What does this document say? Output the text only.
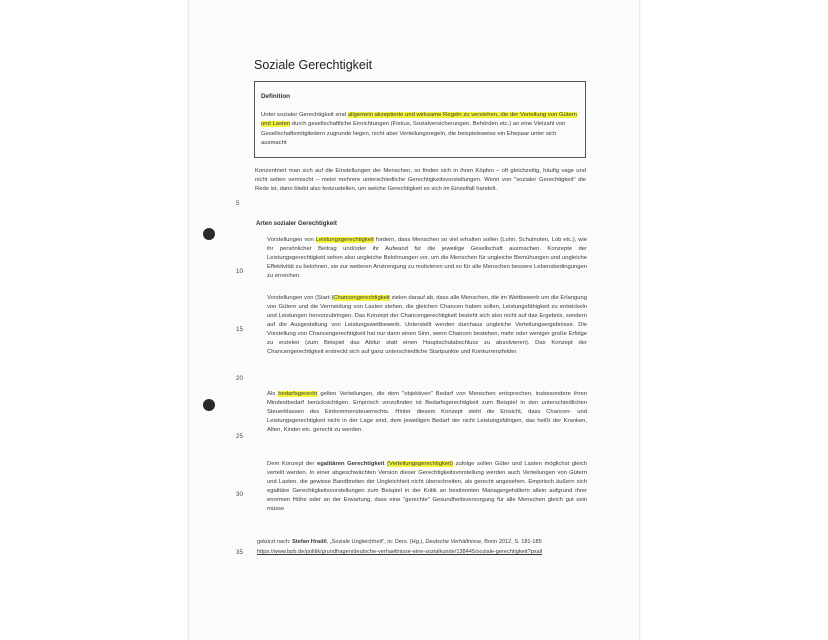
Soziale Gerechtigkeit
Definition
Unter sozialer Gerechtigkeit sind allgemein akzeptierte und wirksame Regeln zu verstehen, die der Verteilung von Gütern und Lasten durch gesellschaftliche Einrichtungen (Fiskus, Sozialversicherungen, Behörden etc.) an eine Vielzahl von Gesellschaftsmitgliedern zugrunde liegen, nicht aber Verteilungsregeln, die beispielsweise ein Ehepaar unter sich ausmacht
Konzentriert man sich auf die Einstellungen der Menschen, so finden sich in ihren Köpfen – oft gleichzeitig, häufig vage und nicht selten vermischt – meist mehrere unterschiedliche Gerechtigkeitsvorstellungen. Wenn von "sozialer Gerechtigkeit" die Rede ist, dann bleibt also festzustellen, um welche Gerechtigkeit es sich im Einzelfall handelt.
Arten sozialer Gerechtigkeit
Vorstellungen von Leistungsgerechtigkeit fordern, dass Menschen so viel erhalten sollen (Lohn, Schulnoten, Lob etc.), wie ihr persönlicher Beitrag und/oder ihr Aufwand für die jeweilige Gesellschaft ausmachen. Konzepte der Leistungsgerechtigkeit sehen also ungleiche Belohnungen vor, um die Menschen für ungleiche Bemühungen und ungleiche Effektivität zu belohnen, sie zur weiteren Anstrengung zu motivieren und so für alle Menschen bessere Lebensbedingungen zu erreichen.
Vorstellungen von (Start-)Chancengerechtigkeit zielen darauf ab, dass alle Menschen, die im Wettbewerb um die Erlangung von Gütern und die Vermeidung von Lasten stehen, die gleichen Chancen haben sollen, Leistungsfähigkeit zu entwickeln und Leistungen hervorzubringen. Das Konzept der Chancengerechtigkeit bezieht sich also nicht auf das Ergebnis, sondern auf die Ausgestaltung von Leistungswettbewerb. Unterstellt werden durchaus ungleiche Verteilungsergebnisse. Die Vorstellung von Chancengerechtigkeit hat nur dann einen Sinn, wenn Chancen bestehen, mehr oder weniger große Erfolge zu erzielen (zum Beispiel das Abitur statt einen Hauptschulabschluss zu absolvieren). Das Konzept der Chancengerechtigkeit erstreckt sich auf ganz unterschiedliche Startpunkte und Konkurrenzfelder.
Als bedarfsgerecht gelten Verteilungen, die dem "objektiven" Bedarf von Menschen entsprechen, insbesondere ihren Mindestbedarf berücksichtigen. Empirisch vorzufinden ist Bedarfsgerechtigkeit zum Beispiel in den unterschiedlichen Steuerklassen des Einkommensteuerrechts. Hinter diesem Konzept steht die Einsicht, dass Chancen- und Leistungsgerechtigkeit nicht in der Lage sind, dem jeweiligen Bedarf der nicht Leistungsfähigen, das heißt der Kranken, Alten, Kinder etc. gerecht zu werden.
Dem Konzept der egalitären Gerechtigkeit (Verteilungsgerechtigkeit) zufolge sollen Güter und Lasten möglichst gleich verteilt werden. In einer abgeschwächten Version dieser Gerechtigkeitsvorstellung werden auch Verteilungen von Gütern und Lasten, die gewisse Bandbreiten der Ungleichheit nicht überschreiten, als gerecht angesehen. Empirisch äußern sich egalitäre Gerechtigkeitsvorstellungen zum Beispiel in der Kritik an bestimmten Managergehältern allein aufgrund ihrer enormen Höhe oder an der Erwartung, dass eine "gerechte" Gesundheitsversorgung für alle Menschen gleich gut sein müsse
gekürzt nach: Stefan Hradil, „Soziale Ungleichheit", in: Ders. (Hg.), Deutsche Verhältnisse, Bonn 2012, S. 181-185 https://www.bpb.de/politik/grundfragen/deutsche-verhaeltnisse-eine-sozialkunde/138445/soziale-gerechtigkeit?pxall
5
10
15
20
25
30
35
